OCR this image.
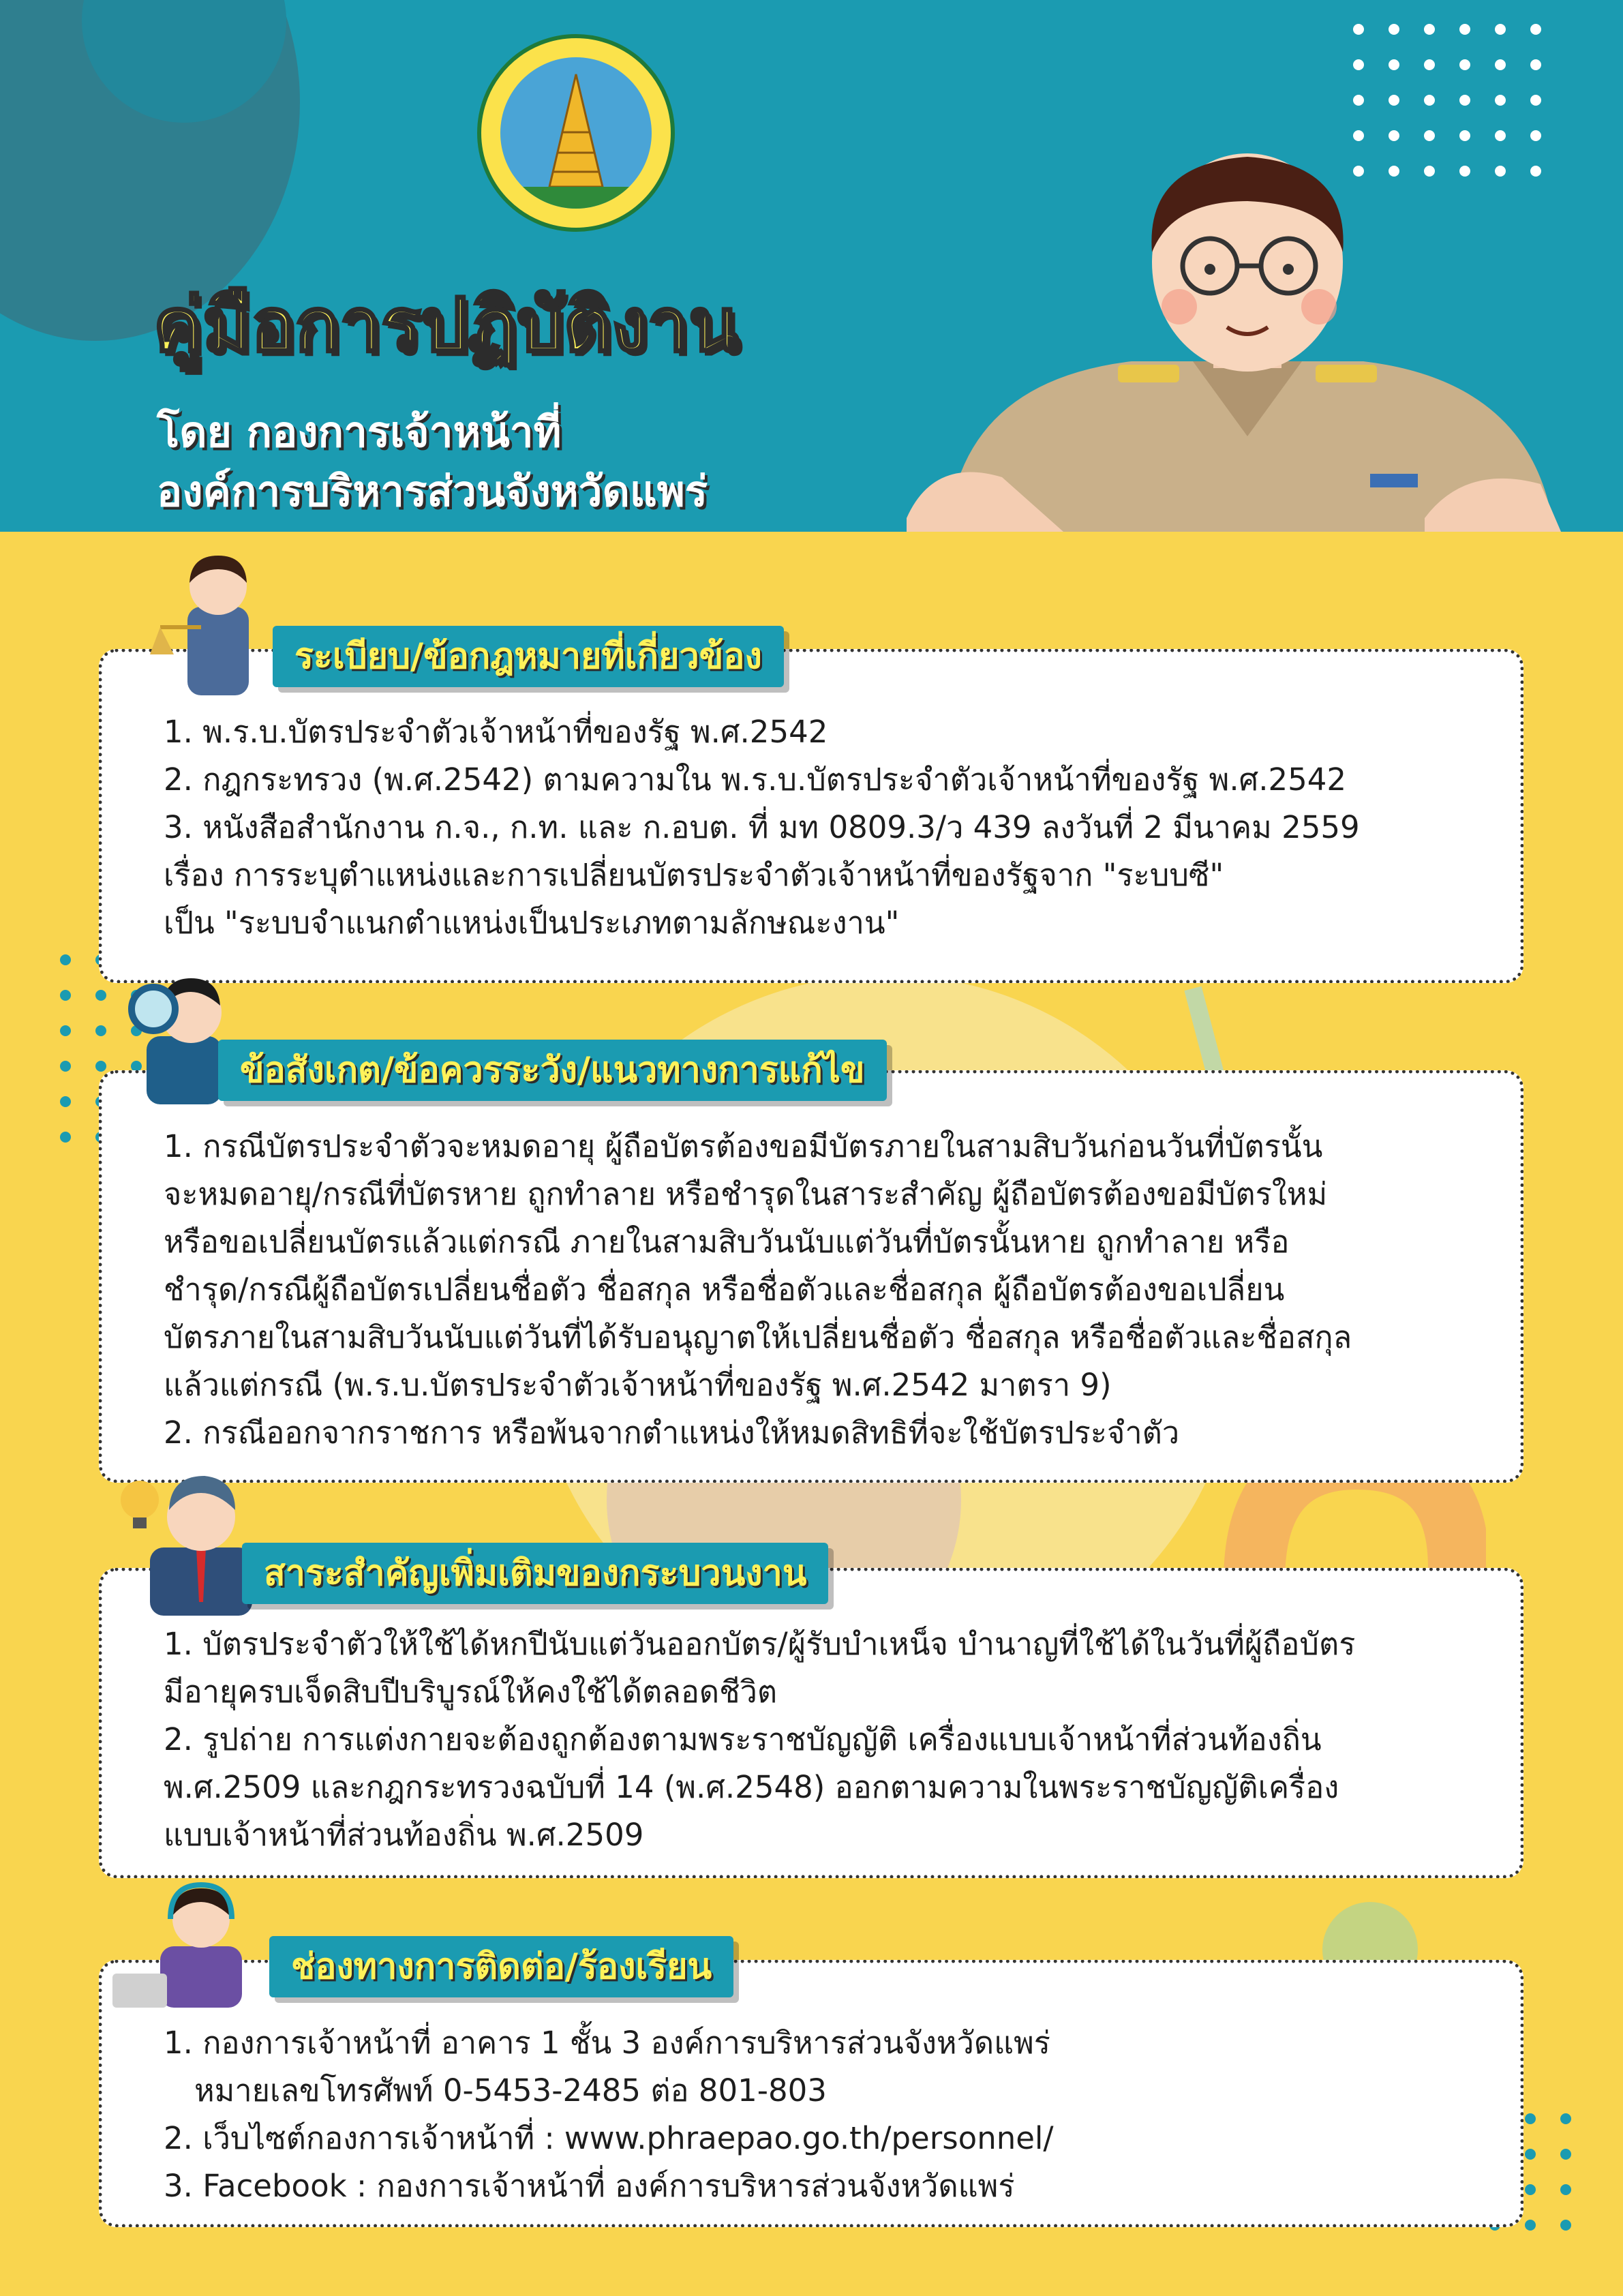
คู่มือการปฏิบัติงาน

โดย กองการเจ้าหน้าที่

องค์การบริหารส่วนจังหวัดแพร่

1. พ.ร.บ.บัตรประจำตัวเจ้าหน้าที่ของรัฐ พ.ศ.2542

2. กฎกระทรวง (พ.ศ.2542) ตามความใน พ.ร.บ.บัตรประจำตัวเจ้าหน้าที่ของรัฐ พ.ศ.2542

3. หนังสือสำนักงาน ก.จ., ก.ท. และ ก.อบต. ที่ มท 0809.3/ว 439 ลงวันที่ 2 มีนาคม 2559

เรื่อง การระบุตำแหน่งและการเปลี่ยนบัตรประจำตัวเจ้าหน้าที่ของรัฐจาก "ระบบซี"

เป็น "ระบบจำแนกตำแหน่งเป็นประเภทตามลักษณะงาน"

ระเบียบ/ข้อกฎหมายที่เกี่ยวข้อง

1. กรณีบัตรประจำตัวจะหมดอายุ ผู้ถือบัตรต้องขอมีบัตรภายในสามสิบวันก่อนวันที่บัตรนั้น

จะหมดอายุ/กรณีที่บัตรหาย ถูกทำลาย หรือชำรุดในสาระสำคัญ ผู้ถือบัตรต้องขอมีบัตรใหม่

หรือขอเปลี่ยนบัตรแล้วแต่กรณี ภายในสามสิบวันนับแต่วันที่บัตรนั้นหาย ถูกทำลาย หรือ

ชำรุด/กรณีผู้ถือบัตรเปลี่ยนชื่อตัว ชื่อสกุล หรือชื่อตัวและชื่อสกุล ผู้ถือบัตรต้องขอเปลี่ยน

บัตรภายในสามสิบวันนับแต่วันที่ได้รับอนุญาตให้เปลี่ยนชื่อตัว ชื่อสกุล หรือชื่อตัวและชื่อสกุล

แล้วแต่กรณี (พ.ร.บ.บัตรประจำตัวเจ้าหน้าที่ของรัฐ พ.ศ.2542 มาตรา 9)

2. กรณีออกจากราชการ หรือพ้นจากตำแหน่งให้หมดสิทธิที่จะใช้บัตรประจำตัว

ข้อสังเกต/ข้อควรระวัง/แนวทางการแก้ไข

1. บัตรประจำตัวให้ใช้ได้หกปีนับแต่วันออกบัตร/ผู้รับบำเหน็จ บำนาญที่ใช้ได้ในวันที่ผู้ถือบัตร

มีอายุครบเจ็ดสิบปีบริบูรณ์ให้คงใช้ได้ตลอดชีวิต

2. รูปถ่าย การแต่งกายจะต้องถูกต้องตามพระราชบัญญัติ เครื่องแบบเจ้าหน้าที่ส่วนท้องถิ่น

พ.ศ.2509 และกฎกระทรวงฉบับที่ 14 (พ.ศ.2548) ออกตามความในพระราชบัญญัติเครื่อง

แบบเจ้าหน้าที่ส่วนท้องถิ่น พ.ศ.2509

สาระสำคัญเพิ่มเติมของกระบวนงาน

1. กองการเจ้าหน้าที่ อาคาร 1 ชั้น 3 องค์การบริหารส่วนจังหวัดแพร่

หมายเลขโทรศัพท์ 0-5453-2485 ต่อ 801-803

2. เว็บไซต์กองการเจ้าหน้าที่ : www.phraepao.go.th/personnel/

3. Facebook : กองการเจ้าหน้าที่ องค์การบริหารส่วนจังหวัดแพร่

ช่องทางการติดต่อ/ร้องเรียน
